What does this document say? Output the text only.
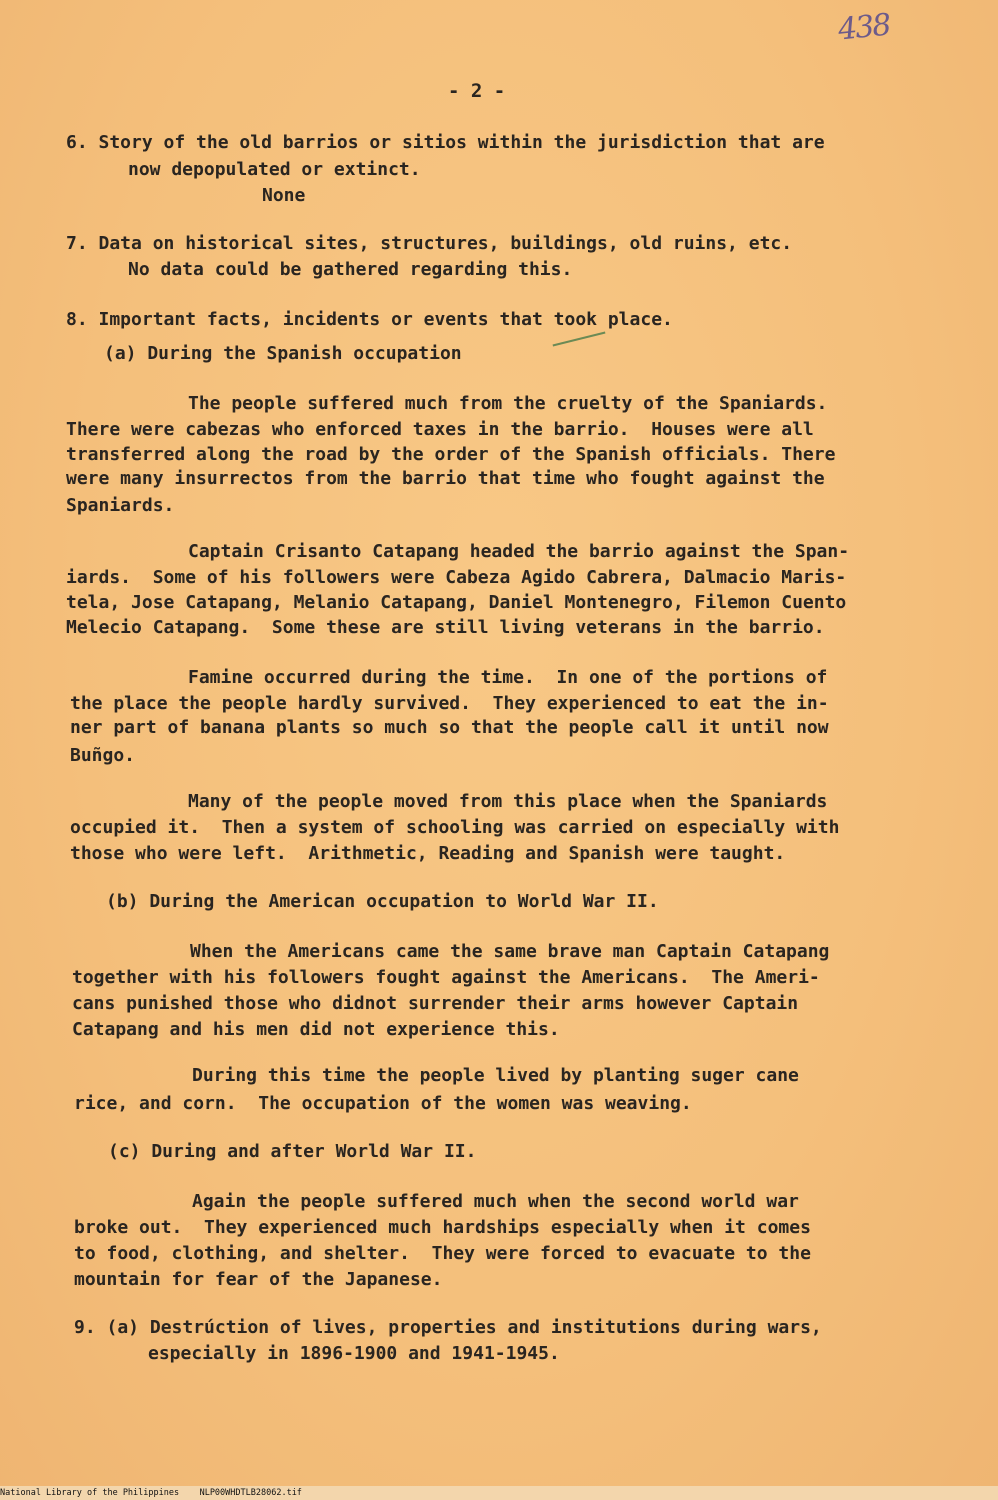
438
- 2 -
6. Story of the old barrios or sitios within the jurisdiction that are
now depopulated or extinct.
None
7. Data on historical sites, structures, buildings, old ruins, etc.
No data could be gathered regarding this.
8. Important facts, incidents or events that took place.
(a) During the Spanish occupation
The people suffered much from the cruelty of the Spaniards.
There were cabezas who enforced taxes in the barrio.  Houses were all
transferred along the road by the order of the Spanish officials. There
were many insurrectos from the barrio that time who fought against the
Spaniards.
Captain Crisanto Catapang headed the barrio against the Span-
iards.  Some of his followers were Cabeza Agido Cabrera, Dalmacio Maris-
tela, Jose Catapang, Melanio Catapang, Daniel Montenegro, Filemon Cuento
Melecio Catapang.  Some these are still living veterans in the barrio.
Famine occurred during the time.  In one of the portions of
the place the people hardly survived.  They experienced to eat the in-
ner part of banana plants so much so that the people call it until now
Buñgo.
Many of the people moved from this place when the Spaniards
occupied it.  Then a system of schooling was carried on especially with
those who were left.  Arithmetic, Reading and Spanish were taught.
(b) During the American occupation to World War II.
When the Americans came the same brave man Captain Catapang
together with his followers fought against the Americans.  The Ameri-
cans punished those who didnot surrender their arms however Captain
Catapang and his men did not experience this.
During this time the people lived by planting suger cane
rice, and corn.  The occupation of the women was weaving.
(c) During and after World War II.
Again the people suffered much when the second world war
broke out.  They experienced much hardships especially when it comes
to food, clothing, and shelter.  They were forced to evacuate to the
mountain for fear of the Japanese.
9. (a) Destrúction of lives, properties and institutions during wars,
especially in 1896-1900 and 1941-1945.
National Library of the Philippines    NLP00WHDTLB28062.tif
